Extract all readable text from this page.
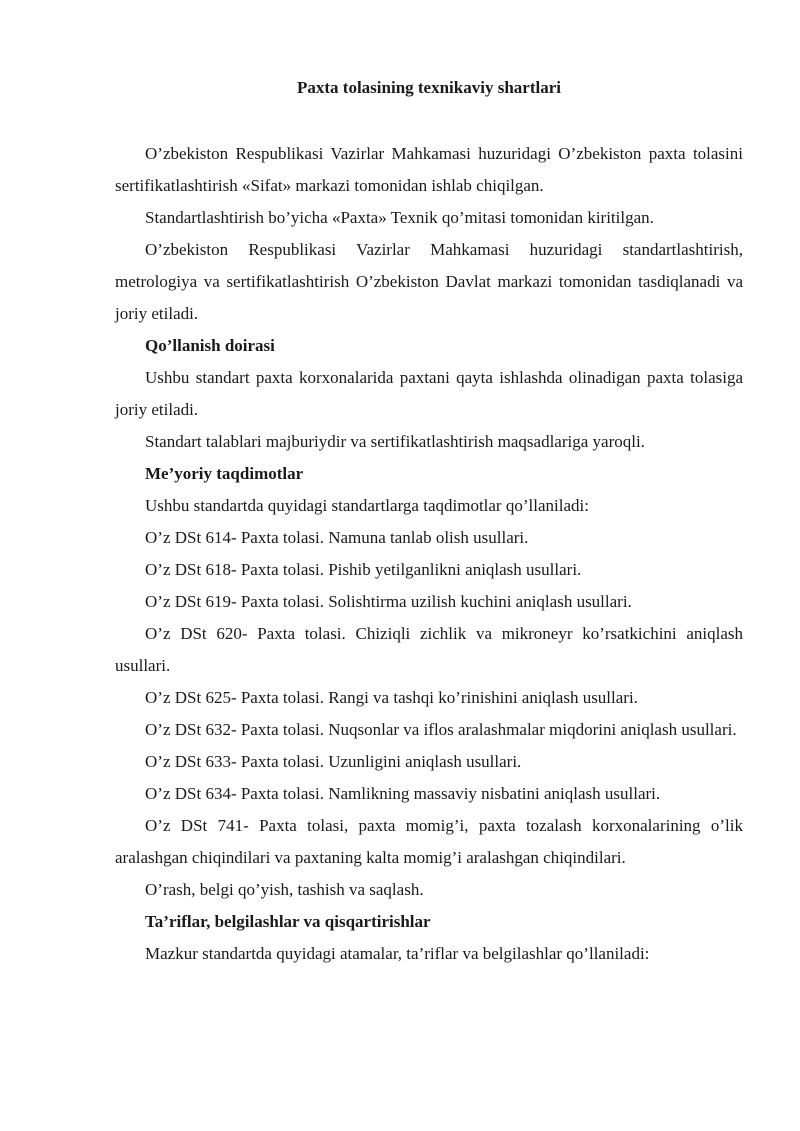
Paxta tolasining texnikaviy shartlari

O’zbekiston Respublikasi Vazirlar Mahkamasi huzuridagi O’zbekiston paxta tolasini sertifikatlashtirish «Sifat» markazi tomonidan ishlab chiqilgan.

Standartlashtirish bo’yicha «Paxta» Texnik qo’mitasi tomonidan kiritilgan.

O’zbekiston Respublikasi Vazirlar Mahkamasi huzuridagi standartlashtirish, metrologiya va sertifikatlashtirish O’zbekiston Davlat markazi tomonidan tasdiqlanadi va joriy etiladi.

Qo’llanish doirasi

Ushbu standart paxta korxonalarida paxtani qayta ishlashda olinadigan paxta tolasiga joriy etiladi.

Standart talablari majburiydir va sertifikatlashtirish maqsadlariga yaroqli.

Me’yoriy taqdimotlar

Ushbu standartda quyidagi standartlarga taqdimotlar qo’llaniladi:

O’z DSt 614- Paxta tolasi. Namuna tanlab olish usullari.

O’z DSt 618- Paxta tolasi. Pishib yetilganlikni aniqlash usullari.

O’z DSt 619- Paxta tolasi. Solishtirma uzilish kuchini aniqlash usullari.

O’z DSt 620- Paxta tolasi. Chiziqli zichlik va mikroneyr ko’rsatkichini aniqlash usullari.

O’z DSt 625- Paxta tolasi. Rangi va tashqi ko’rinishini aniqlash usullari.

O’z DSt 632- Paxta tolasi. Nuqsonlar va iflos aralashmalar miqdorini aniqlash usullari.

O’z DSt 633- Paxta tolasi. Uzunligini aniqlash usullari.

O’z DSt 634- Paxta tolasi. Namlikning massaviy nisbatini aniqlash usullari.

O’z DSt 741- Paxta tolasi, paxta momig’i, paxta tozalash korxonalarining o’lik aralashgan chiqindilari va paxtaning kalta momig’i aralashgan chiqindilari.

O’rash, belgi qo’yish, tashish va saqlash.

Ta’riflar, belgilashlar va qisqartirishlar

Mazkur standartda quyidagi atamalar, ta’riflar va belgilashlar qo’llaniladi:
